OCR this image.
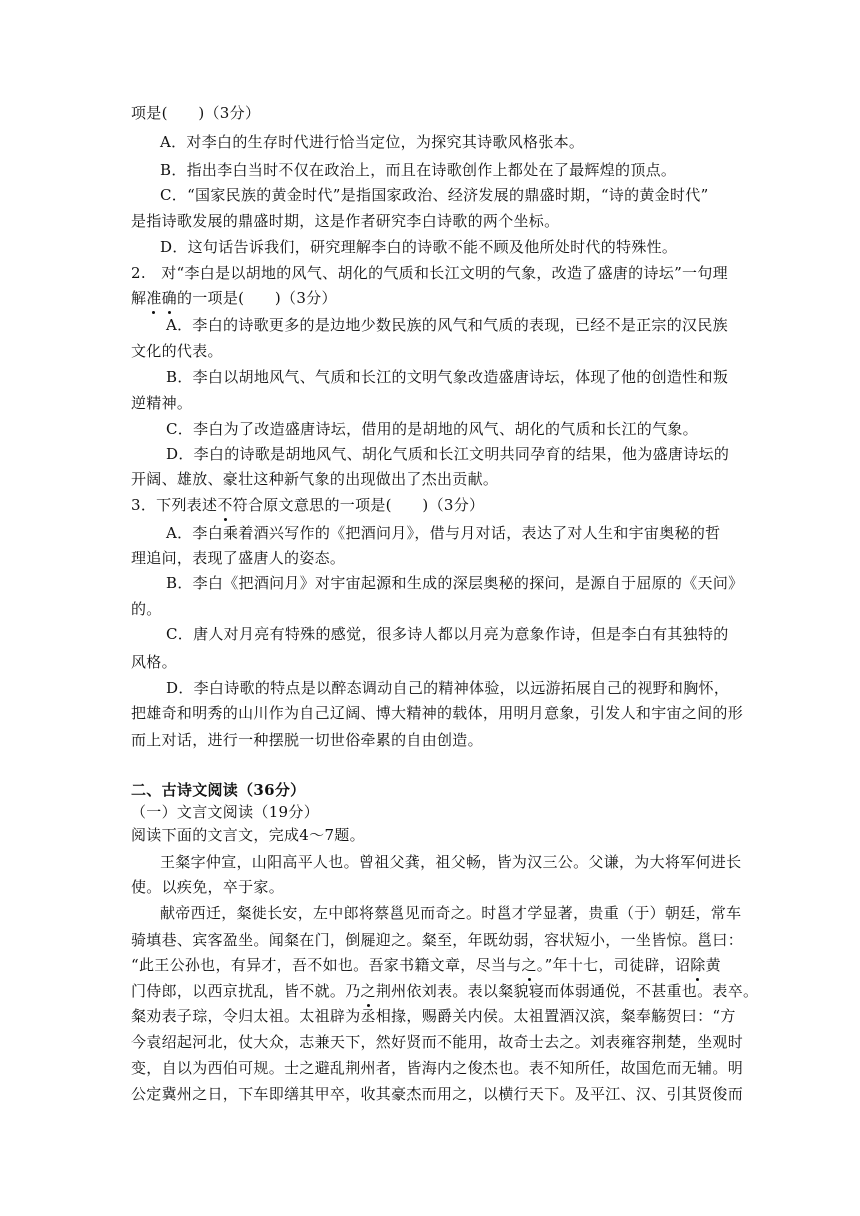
项是(　　)（3分）
A．对李白的生存时代进行恰当定位，为探究其诗歌风格张本。
B．指出李白当时不仅在政治上，而且在诗歌创作上都处在了最辉煌的顶点。
C．“国家民族的黄金时代”是指国家政治、经济发展的鼎盛时期，“诗的黄金时代”
是指诗歌发展的鼎盛时期，这是作者研究李白诗歌的两个坐标。
D．这句话告诉我们，研究理解李白的诗歌不能不顾及他所处时代的特殊性。
2.　对“李白是以胡地的风气、胡化的气质和长江文明的气象，改造了盛唐的诗坛”一句理
解准确的一项是(　　)（3分）
A．李白的诗歌更多的是边地少数民族的风气和气质的表现，已经不是正宗的汉民族
文化的代表。
B．李白以胡地风气、气质和长江的文明气象改造盛唐诗坛，体现了他的创造性和叛
逆精神。
C．李白为了改造盛唐诗坛，借用的是胡地的风气、胡化的气质和长江的气象。
D．李白的诗歌是胡地风气、胡化气质和长江文明共同孕育的结果，他为盛唐诗坛的
开阔、雄放、豪壮这种新气象的出现做出了杰出贡献。
3．下列表述不符合原文意思的一项是(　　)（3分）
A．李白乘着酒兴写作的《把酒问月》，借与月对话，表达了对人生和宇宙奥秘的哲
理追问，表现了盛唐人的姿态。
B．李白《把酒问月》对宇宙起源和生成的深层奥秘的探问，是源自于屈原的《天问》
的。
C．唐人对月亮有特殊的感觉，很多诗人都以月亮为意象作诗，但是李白有其独特的
风格。
D．李白诗歌的特点是以醉态调动自己的精神体验，以远游拓展自己的视野和胸怀，
把雄奇和明秀的山川作为自己辽阔、博大精神的载体，用明月意象，引发人和宇宙之间的形
而上对话，进行一种摆脱一切世俗牵累的自由创造。
二、古诗文阅读（36分）
（一）文言文阅读（19分）
阅读下面的文言文，完成4～7题。
王粲字仲宣，山阳高平人也。曾祖父龚，祖父畅，皆为汉三公。父谦，为大将军何进长
使。以疾免，卒于家。
献帝西迁，粲徙长安，左中郎将蔡邕见而奇之。时邕才学显著，贵重（于）朝廷，常车
骑填巷、宾客盈坐。闻粲在门，倒屣迎之。粲至，年既幼弱，容状短小，一坐皆惊。邕曰：
“此王公孙也，有异才，吾不如也。吾家书籍文章，尽当与之。”年十七，司徒辟，诏除黄
门侍郎，以西京扰乱，皆不就。乃之荆州依刘表。表以粲貌寝而体弱通侻，不甚重也。表卒。
粲劝表子琮，令归太祖。太祖辟为丞相掾，赐爵关内侯。太祖置酒汉滨，粲奉觞贺曰：“方
今袁绍起河北，仗大众，志兼天下，然好贤而不能用，故奇士去之。刘表雍容荆楚，坐观时
变，自以为西伯可规。士之避乱荆州者，皆海内之俊杰也。表不知所任，故国危而无辅。明
公定冀州之日，下车即缮其甲卒，收其豪杰而用之，以横行天下。及平江、汉、引其贤俊而
